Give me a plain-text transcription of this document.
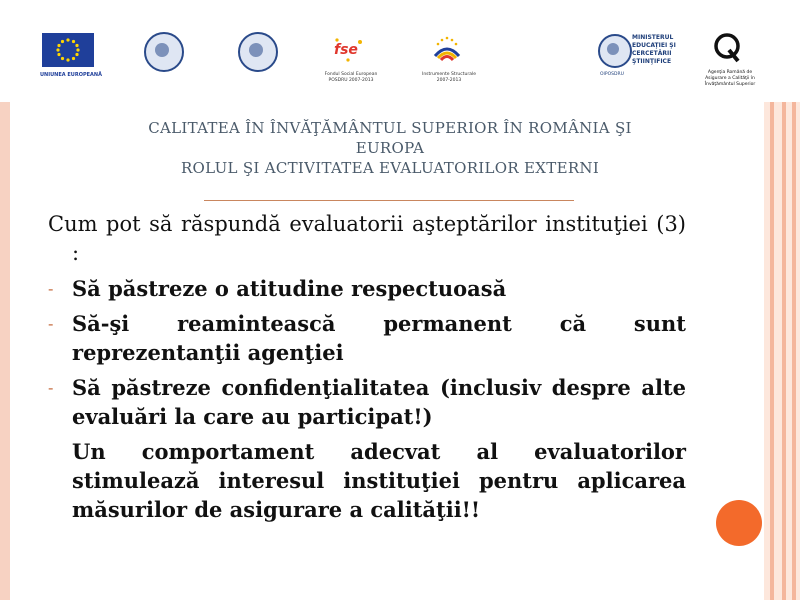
UNIUNEA EUROPEANĂ
fse
Fondul Social European
POSDRU 2007-2013
Instrumente Structurale
2007-2013
MINISTERUL
EDUCAŢIEI ŞI
CERCETĂRII
ŞTIINŢIFICE
OIPOSDRU	Agenţia Română de
Asigurare a Calităţii în
Învăţământul Superior
CALITATEA ÎN ÎNVĂŢĂMÂNTUL SUPERIOR ÎN ROMÂNIA ŞI
EUROPA
ROLUL ŞI ACTIVITATEA EVALUATORILOR EXTERNI

Cum pot să răspundă evaluatorii aşteptărilor instituţiei (3) :

- Să păstreze o atitudine respectuoasă
- Să-şi reamintească permanent că sunt reprezentanţii agenţiei
- Să păstreze confidenţialitatea (inclusiv despre alte evaluări la care au participat!)

Un comportament adecvat al evaluatorilor stimulează interesul instituţiei pentru aplicarea măsurilor de asigurare a calităţii!!
